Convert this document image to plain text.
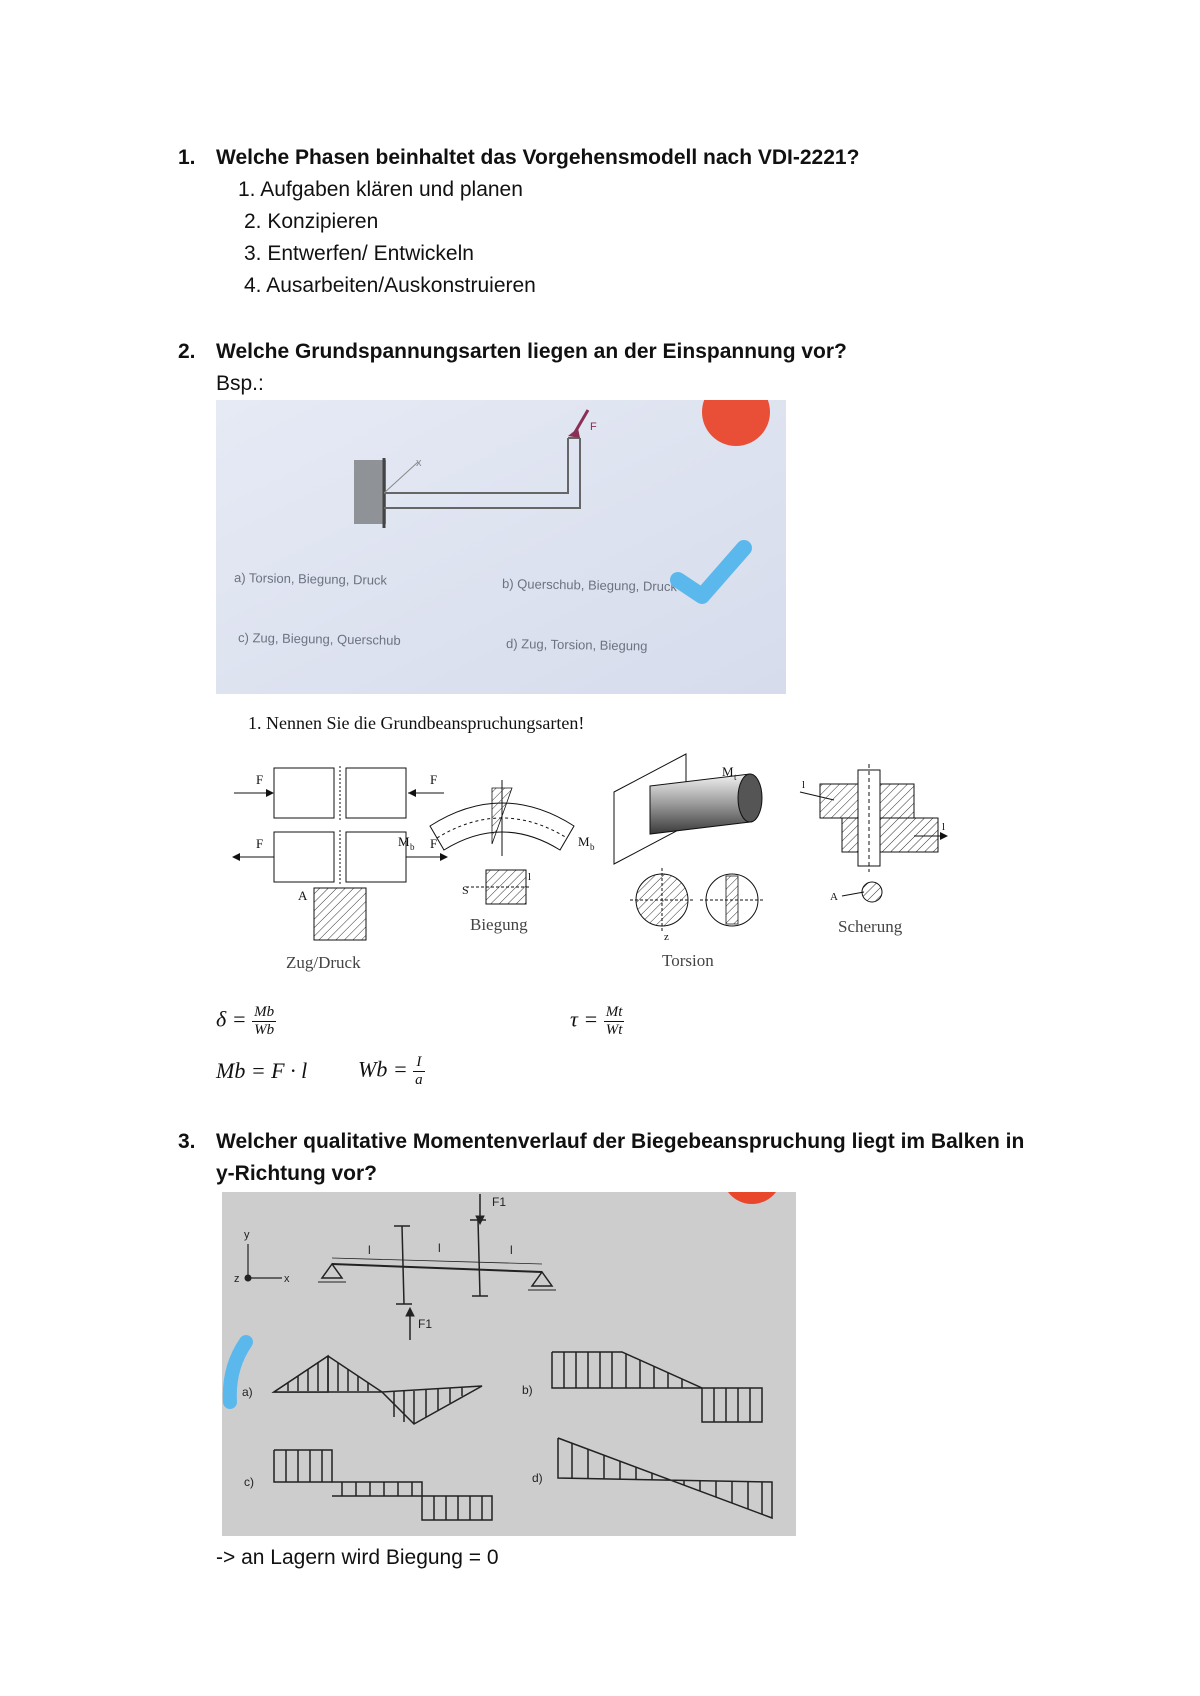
1. Welche Phasen beinhaltet das Vorgehensmodell nach VDI-2221?
1. Aufgaben klären und planen
2. Konzipieren
3. Entwerfen/ Entwickeln
4. Ausarbeiten/Auskonstruieren
2. Welche Grundspannungsarten liegen an der Einspannung vor?
Bsp.:
x
F
a) Torsion, Biegung, Druck	b) Querschub, Biegung, Druck
c) Zug, Biegung, Querschub	d) Zug, Torsion, Biegung
1. Nennen Sie die Grundbeanspruchungsarten!
F	F
F	F
A
Zug/Druck
M b	M b
S
l
Biegung
M t
z
Torsion
l
l
A
Scherung
$\delta = \frac{Mb}{Wb}$	$\tau = \frac{Mt}{Wt}$
Mb = F · l $Wb = \frac{I}{a}$
3. Welcher qualitative Momentenverlauf der Biegebeanspruchung liegt im Balken in
y-Richtung vor?
y
z	x
l	l	l
F1
F1
a)	b)
c)	d)
-> an Lagern wird Biegung = 0
